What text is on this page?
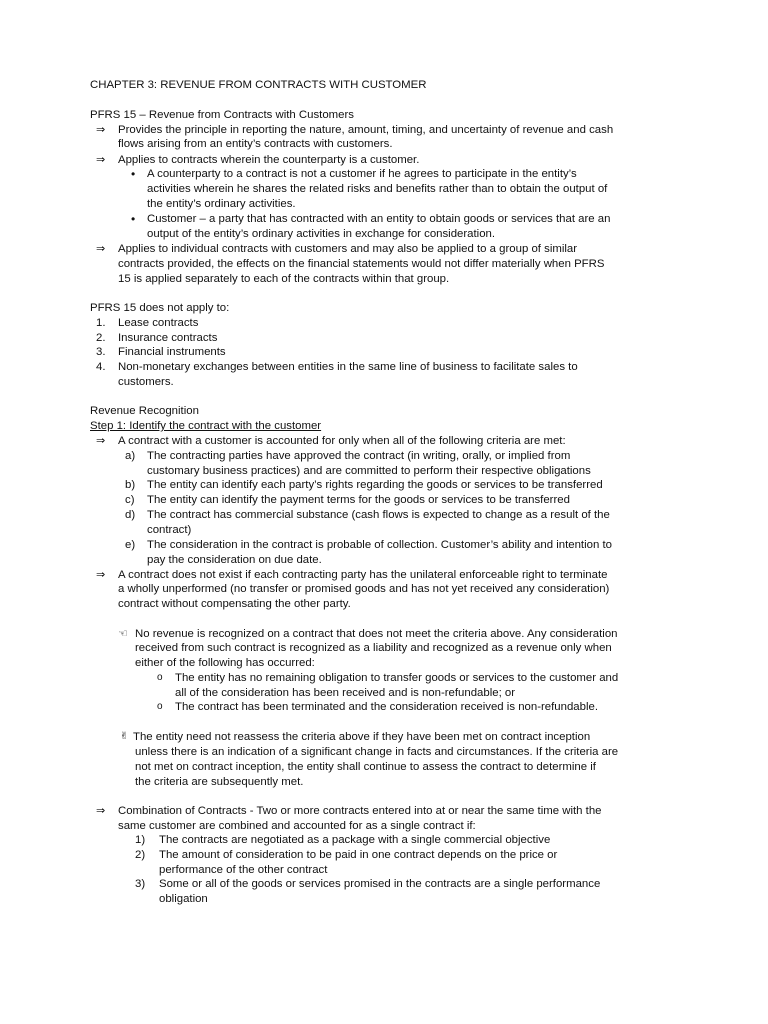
CHAPTER 3: REVENUE FROM CONTRACTS WITH CUSTOMER
PFRS 15 – Revenue from Contracts with Customers
⇒ Provides the principle in reporting the nature, amount, timing, and uncertainty of revenue and cash
flows arising from an entity’s contracts with customers.
⇒ Applies to contracts wherein the counterparty is a customer.
• A counterparty to a contract is not a customer if he agrees to participate in the entity’s
activities wherein he shares the related risks and benefits rather than to obtain the output of
the entity’s ordinary activities.
• Customer – a party that has contracted with an entity to obtain goods or services that are an
output of the entity’s ordinary activities in exchange for consideration.
⇒ Applies to individual contracts with customers and may also be applied to a group of similar
contracts provided, the effects on the financial statements would not differ materially when PFRS
15 is applied separately to each of the contracts within that group.
PFRS 15 does not apply to:
1. Lease contracts
2. Insurance contracts
3. Financial instruments
4. Non-monetary exchanges between entities in the same line of business to facilitate sales to
customers.
Revenue Recognition
Step 1: Identify the contract with the customer
⇒ A contract with a customer is accounted for only when all of the following criteria are met:
a) The contracting parties have approved the contract (in writing, orally, or implied from
customary business practices) and are committed to perform their respective obligations
b) The entity can identify each party’s rights regarding the goods or services to be transferred
c) The entity can identify the payment terms for the goods or services to be transferred
d) The contract has commercial substance (cash flows is expected to change as a result of the
contract)
e) The consideration in the contract is probable of collection. Customer’s ability and intention to
pay the consideration on due date.
⇒ A contract does not exist if each contracting party has the unilateral enforceable right to terminate
a wholly unperformed (no transfer or promised goods and has not yet received any consideration)
contract without compensating the other party.
☜ No revenue is recognized on a contract that does not meet the criteria above. Any consideration
received from such contract is recognized as a liability and recognized as a revenue only when
either of the following has occurred:
o The entity has no remaining obligation to transfer goods or services to the customer and
all of the consideration has been received and is non-refundable; or
o The contract has been terminated and the consideration received is non-refundable.
✌ The entity need not reassess the criteria above if they have been met on contract inception
unless there is an indication of a significant change in facts and circumstances. If the criteria are
not met on contract inception, the entity shall continue to assess the contract to determine if
the criteria are subsequently met.
⇒ Combination of Contracts - Two or more contracts entered into at or near the same time with the
same customer are combined and accounted for as a single contract if:
1) The contracts are negotiated as a package with a single commercial objective
2) The amount of consideration to be paid in one contract depends on the price or
performance of the other contract
3) Some or all of the goods or services promised in the contracts are a single performance
obligation
